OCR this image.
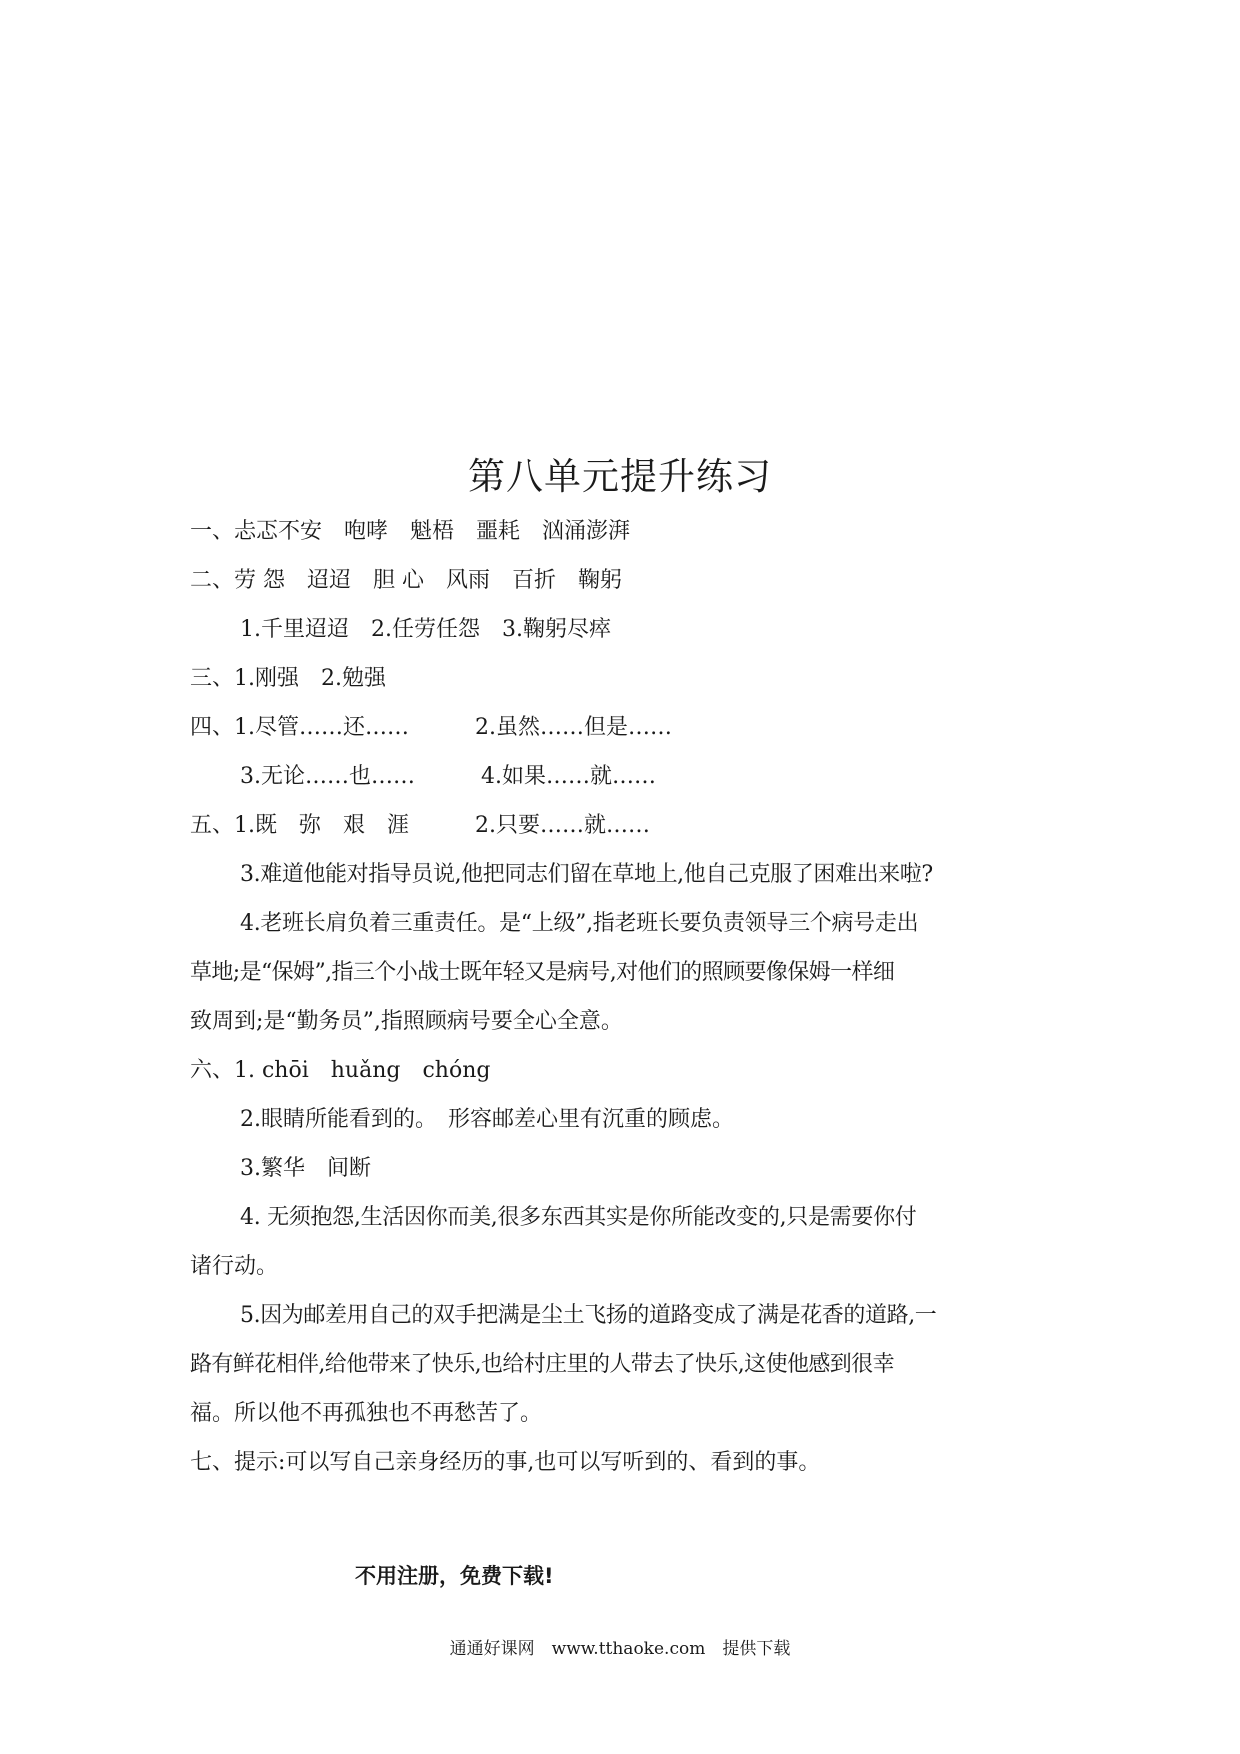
第八单元提升练习
一、忐忑不安　咆哮　魁梧　噩耗　汹涌澎湃
二、劳 怨　迢迢　胆 心　风雨　百折　鞠躬
1.千里迢迢　2.任劳任怨　3.鞠躬尽瘁
三、1.刚强　2.勉强
四、1.尽管……还……　　　2.虽然……但是……
3.无论……也……　　　4.如果……就……
五、1.既　弥　艰　涯　　　2.只要……就……
3.难道他能对指导员说,他把同志们留在草地上,他自己克服了困难出来啦?
4.老班长肩负着三重责任。是“上级”,指老班长要负责领导三个病号走出
草地;是“保姆”,指三个小战士既年轻又是病号,对他们的照顾要像保姆一样细
致周到;是“勤务员”,指照顾病号要全心全意。
六、1. chōi　huǎng　chóng
2.眼睛所能看到的。　形容邮差心里有沉重的顾虑。
3.繁华　间断
4. 无须抱怨,生活因你而美,很多东西其实是你所能改变的,只是需要你付
诸行动。
5.因为邮差用自己的双手把满是尘土飞扬的道路变成了满是花香的道路,一
路有鲜花相伴,给他带来了快乐,也给村庄里的人带去了快乐,这使他感到很幸
福。所以他不再孤独也不再愁苦了。
七、提示:可以写自己亲身经历的事,也可以写听到的、看到的事。
不用注册，免费下载!
通通好课网　www.tthaoke.com　提供下载
